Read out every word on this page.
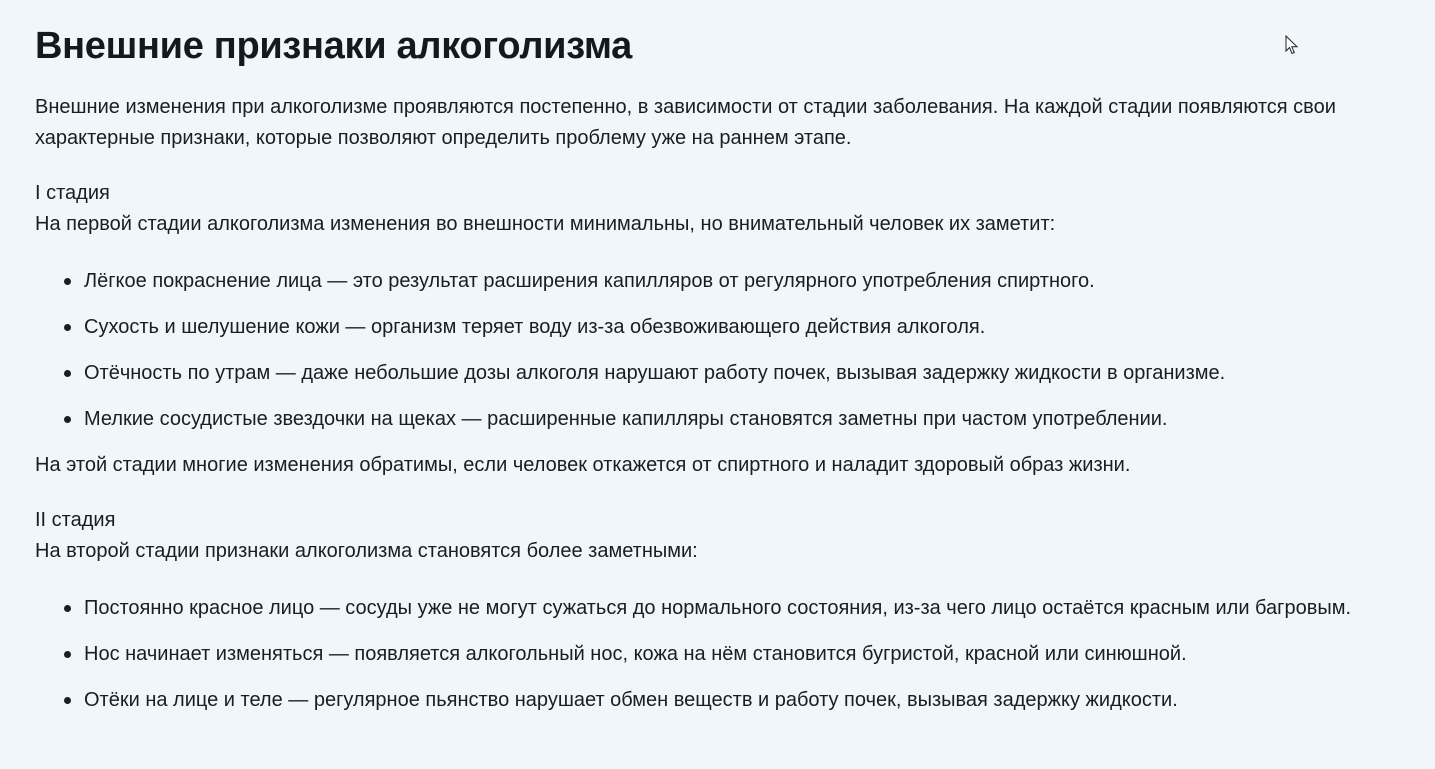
Внешние признаки алкоголизма

Внешние изменения при алкоголизме проявляются постепенно, в зависимости от стадии заболевания. На каждой стадии появляются свои характерные признаки, которые позволяют определить проблему уже на раннем этапе.

I стадия

На первой стадии алкоголизма изменения во внешности минимальны, но внимательный человек их заметит:

Лёгкое покраснение лица — это результат расширения капилляров от регулярного употребления спиртного.
Сухость и шелушение кожи — организм теряет воду из-за обезвоживающего действия алкоголя.
Отёчность по утрам — даже небольшие дозы алкоголя нарушают работу почек, вызывая задержку жидкости в организме.
Мелкие сосудистые звездочки на щеках — расширенные капилляры становятся заметны при частом употреблении.

На этой стадии многие изменения обратимы, если человек откажется от спиртного и наладит здоровый образ жизни.

II стадия

На второй стадии признаки алкоголизма становятся более заметными:

Постоянно красное лицо — сосуды уже не могут сужаться до нормального состояния, из-за чего лицо остаётся красным или багровым.
Нос начинает изменяться — появляется алкогольный нос, кожа на нём становится бугристой, красной или синюшной.
Отёки на лице и теле — регулярное пьянство нарушает обмен веществ и работу почек, вызывая задержку жидкости.
